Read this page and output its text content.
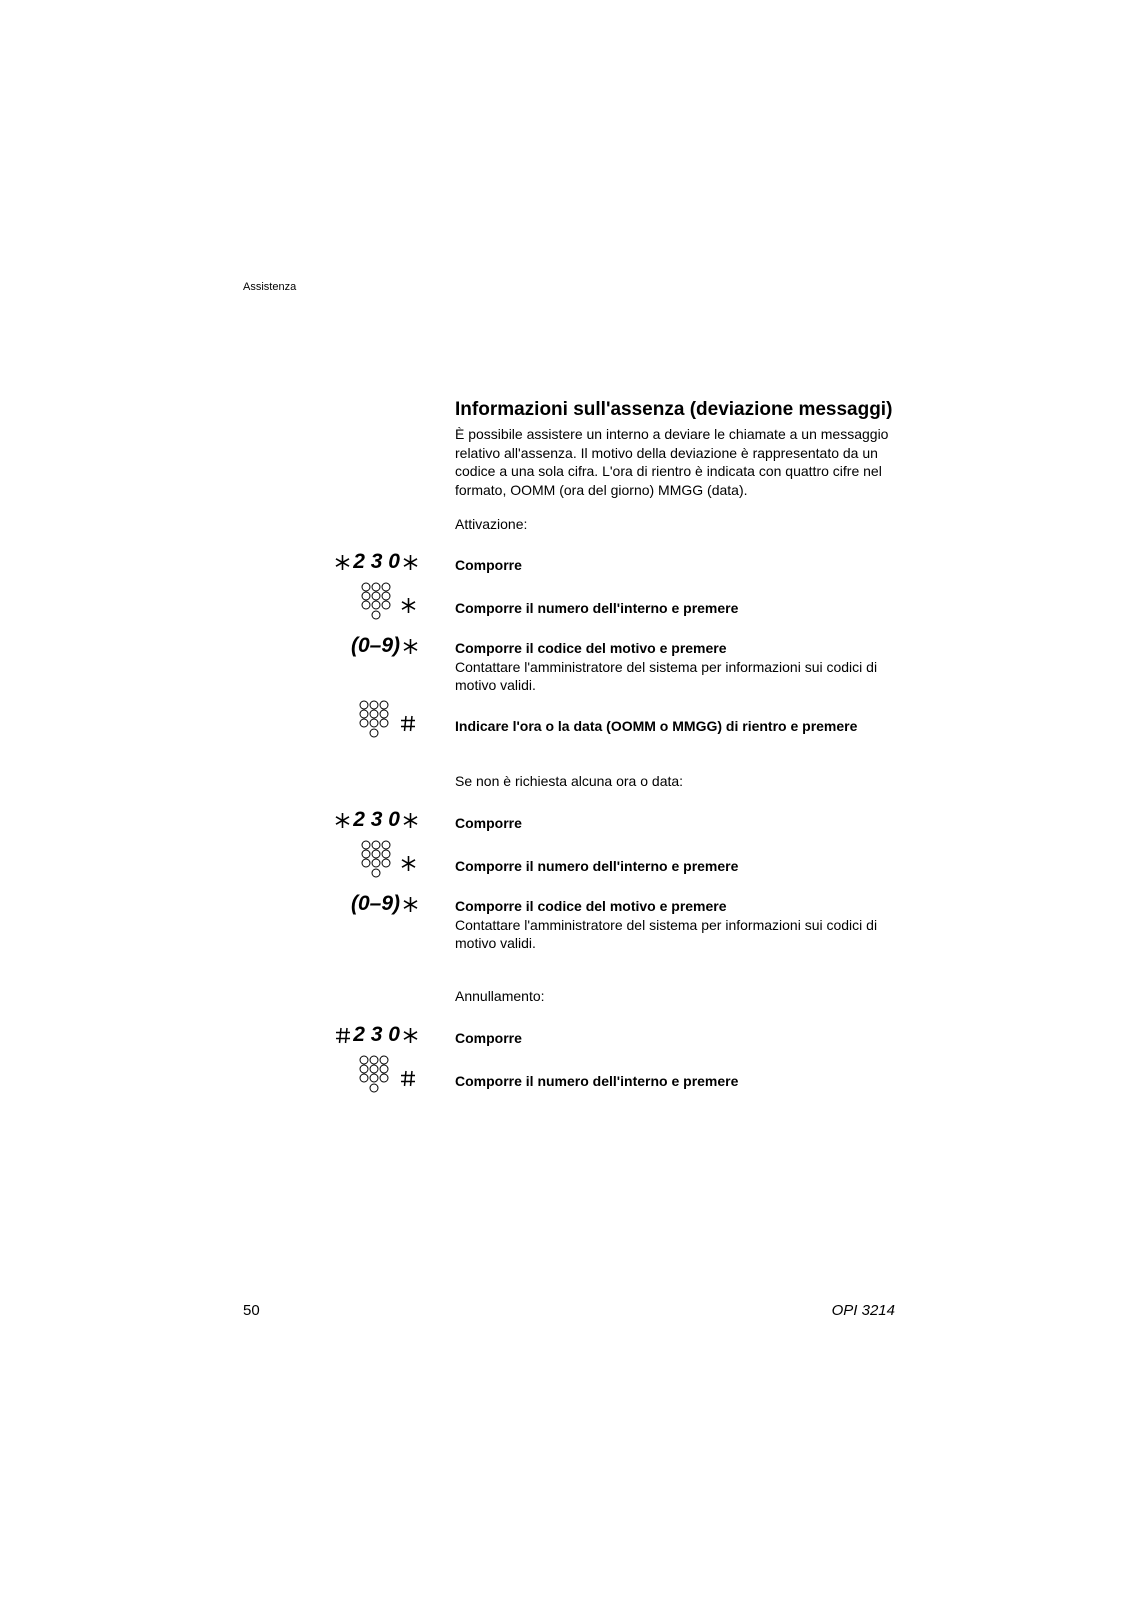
Assistenza
Informazioni sull'assenza (deviazione messaggi)
È possibile assistere un interno a deviare le chiamate a un messaggio relativo all'assenza. Il motivo della deviazione è rappresentato da un codice a una sola cifra. L'ora di rientro è indicata con quattro cifre nel formato, OOMM (ora del giorno) MMGG (data).
Attivazione:
2 3 0	Comporre
Comporre il numero dell'interno e premere
(0–9)	Comporre il codice del motivo e premere
Contattare l'amministratore del sistema per informazioni sui codici di motivo validi.
Indicare l'ora o la data (OOMM o MMGG) di rientro e premere
Se non è richiesta alcuna ora o data:
2 3 0	Comporre
Comporre il numero dell'interno e premere
(0–9)	Comporre il codice del motivo e premere
Contattare l'amministratore del sistema per informazioni sui codici di motivo validi.
Annullamento:
2 3 0	Comporre
Comporre il numero dell'interno e premere
50	OPI 3214
